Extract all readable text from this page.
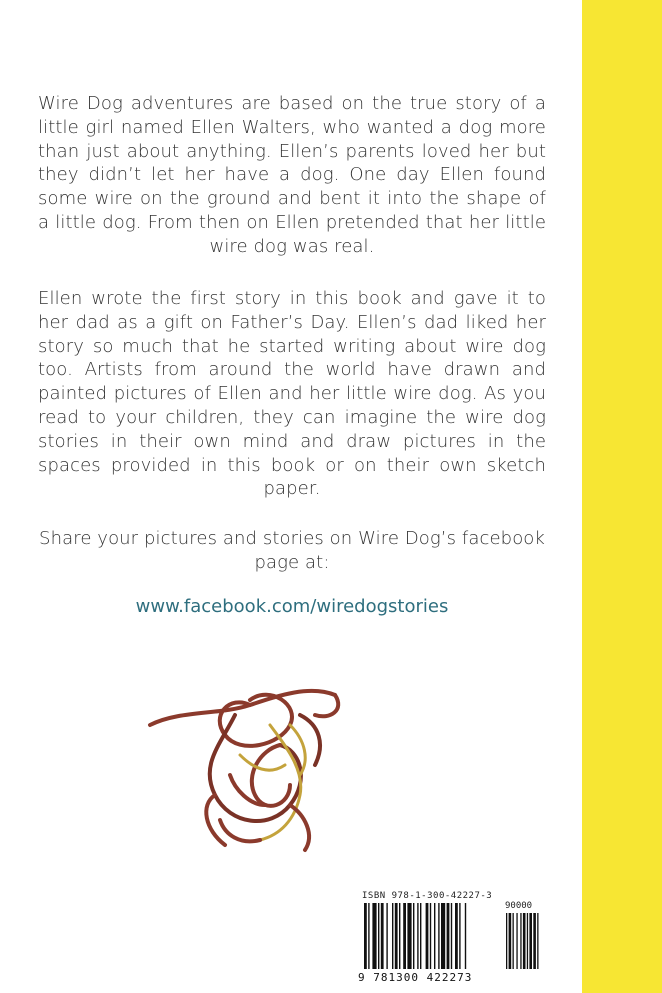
Wire Dog adventures are based on the true story of a little girl named Ellen Walters, who wanted a dog more than just about anything. Ellen’s parents loved her but they didn’t let her have a dog. One day Ellen found some wire on the ground and bent it into the shape of a little dog. From then on Ellen pretended that her little wire dog was real.

Ellen wrote the first story in this book and gave it to her dad as a gift on Father’s Day. Ellen’s dad liked her story so much that he started writing about wire dog too. Artists from around the world have drawn and painted pictures of Ellen and her little wire dog. As you read to your children, they can imagine the wire dog stories in their own mind and draw pictures in the spaces provided in this book or on their own sketch paper.

Share your pictures and stories on Wire Dog’s facebook page at:

www.facebook.com/wiredogstories
ISBN 978-1-300-42227-3
90000
9 781300 422273
